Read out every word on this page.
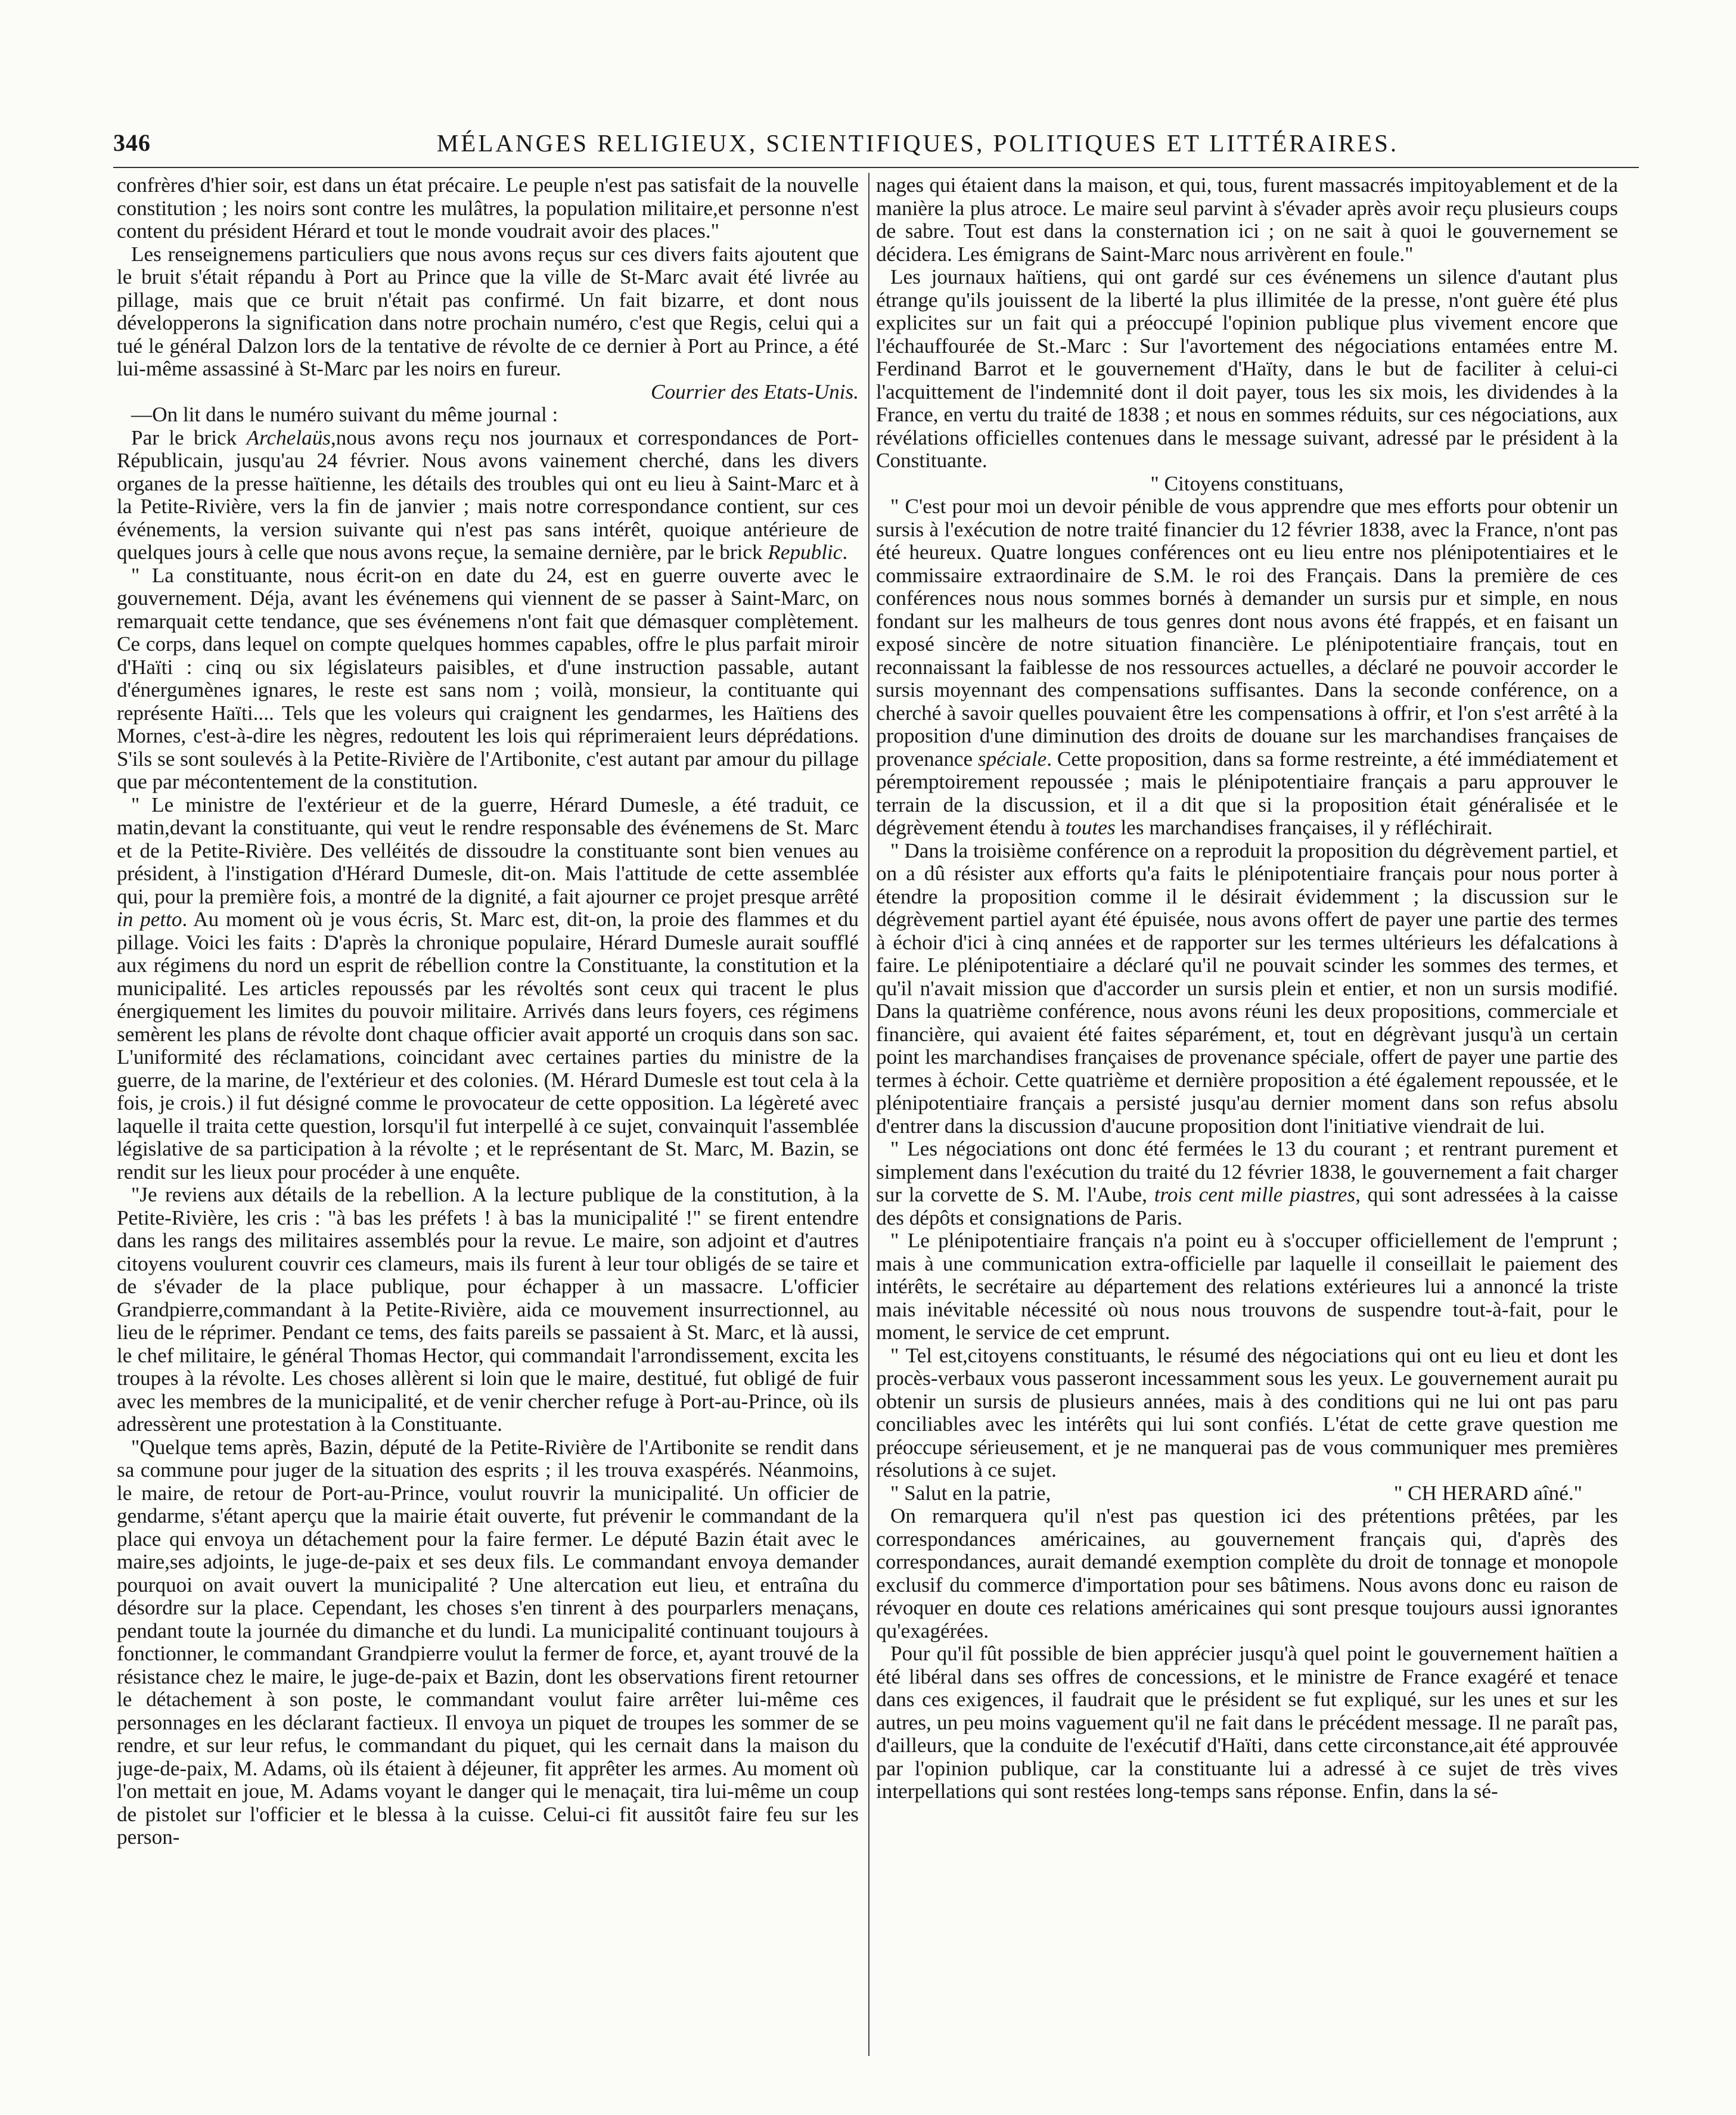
346	MÉLANGES RELIGIEUX, SCIENTIFIQUES, POLITIQUES ET LITTÉRAIRES.

confrères d'hier soir, est dans un état précaire. Le peuple n'est pas satisfait de la nouvelle constitution ; les noirs sont contre les mulâtres, la population militaire,et personne n'est content du président Hérard et tout le monde voudrait avoir des places."

Les renseignemens particuliers que nous avons reçus sur ces divers faits ajoutent que le bruit s'était répandu à Port au Prince que la ville de St-Marc avait été livrée au pillage, mais que ce bruit n'était pas confirmé. Un fait bizarre, et dont nous développerons la signification dans notre prochain numéro, c'est que Regis, celui qui a tué le général Dalzon lors de la tentative de révolte de ce dernier à Port au Prince, a été lui-même assassiné à St-Marc par les noirs en fureur.

Courrier des Etats-Unis.

—On lit dans le numéro suivant du même journal :

Par le brick Archelaüs,nous avons reçu nos journaux et correspondances de Port-Républicain, jusqu'au 24 février. Nous avons vainement cherché, dans les divers organes de la presse haïtienne, les détails des troubles qui ont eu lieu à Saint-Marc et à la Petite-Rivière, vers la fin de janvier ; mais notre correspondance contient, sur ces événements, la version suivante qui n'est pas sans intérêt, quoique antérieure de quelques jours à celle que nous avons reçue, la semaine dernière, par le brick Republic.

" La constituante, nous écrit-on en date du 24, est en guerre ouverte avec le gouvernement. Déja, avant les événemens qui viennent de se passer à Saint-Marc, on remarquait cette tendance, que ses événemens n'ont fait que démasquer complètement. Ce corps, dans lequel on compte quelques hommes capables, offre le plus parfait miroir d'Haïti : cinq ou six législateurs paisibles, et d'une instruction passable, autant d'énergumènes ignares, le reste est sans nom ; voilà, monsieur, la contituante qui représente Haïti.... Tels que les voleurs qui craignent les gendarmes, les Haïtiens des Mornes, c'est-à-dire les nègres, redoutent les lois qui réprimeraient leurs déprédations. S'ils se sont soulevés à la Petite-Rivière de l'Artibonite, c'est autant par amour du pillage que par mécontentement de la constitution.

" Le ministre de l'extérieur et de la guerre, Hérard Dumesle, a été traduit, ce matin,devant la constituante, qui veut le rendre responsable des événemens de St. Marc et de la Petite-Rivière. Des velléités de dissoudre la constituante sont bien venues au président, à l'instigation d'Hérard Dumesle, dit-on. Mais l'attitude de cette assemblée qui, pour la première fois, a montré de la dignité, a fait ajourner ce projet presque arrêté in petto. Au moment où je vous écris, St. Marc est, dit-on, la proie des flammes et du pillage. Voici les faits : D'après la chronique populaire, Hérard Dumesle aurait soufflé aux régimens du nord un esprit de rébellion contre la Constituante, la constitution et la municipalité. Les articles repoussés par les révoltés sont ceux qui tracent le plus énergiquement les limites du pouvoir militaire. Arrivés dans leurs foyers, ces régimens semèrent les plans de révolte dont chaque officier avait apporté un croquis dans son sac. L'uniformité des réclamations, coincidant avec certaines parties du ministre de la guerre, de la marine, de l'extérieur et des colonies. (M. Hérard Dumesle est tout cela à la fois, je crois.) il fut désigné comme le provocateur de cette opposition. La légèreté avec laquelle il traita cette question, lorsqu'il fut interpellé à ce sujet, convainquit l'assemblée législative de sa participation à la révolte ; et le représentant de St. Marc, M. Bazin, se rendit sur les lieux pour procéder à une enquête.

"Je reviens aux détails de la rebellion. A la lecture publique de la constitution, à la Petite-Rivière, les cris : "à bas les préfets ! à bas la municipalité !" se firent entendre dans les rangs des militaires assemblés pour la revue. Le maire, son adjoint et d'autres citoyens voulurent couvrir ces clameurs, mais ils furent à leur tour obligés de se taire et de s'évader de la place publique, pour échapper à un massacre. L'officier Grandpierre,commandant à la Petite-Rivière, aida ce mouvement insurrectionnel, au lieu de le réprimer. Pendant ce tems, des faits pareils se passaient à St. Marc, et là aussi, le chef militaire, le général Thomas Hector, qui commandait l'arrondissement, excita les troupes à la révolte. Les choses allèrent si loin que le maire, destitué, fut obligé de fuir avec les membres de la municipalité, et de venir chercher refuge à Port-au-Prince, où ils adressèrent une protestation à la Constituante.

"Quelque tems après, Bazin, député de la Petite-Rivière de l'Artibonite se rendit dans sa commune pour juger de la situation des esprits ; il les trouva exaspérés. Néanmoins, le maire, de retour de Port-au-Prince, voulut rouvrir la municipalité. Un officier de gendarme, s'étant aperçu que la mairie était ouverte, fut prévenir le commandant de la place qui envoya un détachement pour la faire fermer. Le député Bazin était avec le maire,ses adjoints, le juge-de-paix et ses deux fils. Le commandant envoya demander pourquoi on avait ouvert la municipalité ? Une altercation eut lieu, et entraîna du désordre sur la place. Cependant, les choses s'en tinrent à des pourparlers menaçans, pendant toute la journée du dimanche et du lundi. La municipalité continuant toujours à fonctionner, le commandant Grandpierre voulut la fermer de force, et, ayant trouvé de la résistance chez le maire, le juge-de-paix et Bazin, dont les observations firent retourner le détachement à son poste, le commandant voulut faire arrêter lui-même ces personnages en les déclarant factieux. Il envoya un piquet de troupes les sommer de se rendre, et sur leur refus, le commandant du piquet, qui les cernait dans la maison du juge-de-paix, M. Adams, où ils étaient à déjeuner, fit apprêter les armes. Au moment où l'on mettait en joue, M. Adams voyant le danger qui le menaçait, tira lui-même un coup de pistolet sur l'officier et le blessa à la cuisse. Celui-ci fit aussitôt faire feu sur les person-

nages qui étaient dans la maison, et qui, tous, furent massacrés impitoyablement et de la manière la plus atroce. Le maire seul parvint à s'évader après avoir reçu plusieurs coups de sabre. Tout est dans la consternation ici ; on ne sait à quoi le gouvernement se décidera. Les émigrans de Saint-Marc nous arrivèrent en foule."

Les journaux haïtiens, qui ont gardé sur ces événemens un silence d'autant plus étrange qu'ils jouissent de la liberté la plus illimitée de la presse, n'ont guère été plus explicites sur un fait qui a préoccupé l'opinion publique plus vivement encore que l'échauffourée de St.-Marc : Sur l'avortement des négociations entamées entre M. Ferdinand Barrot et le gouvernement d'Haïty, dans le but de faciliter à celui-ci l'acquittement de l'indemnité dont il doit payer, tous les six mois, les dividendes à la France, en vertu du traité de 1838 ; et nous en sommes réduits, sur ces négociations, aux révélations officielles contenues dans le message suivant, adressé par le président à la Constituante.

" Citoyens constituans,

" C'est pour moi un devoir pénible de vous apprendre que mes efforts pour obtenir un sursis à l'exécution de notre traité financier du 12 février 1838, avec la France, n'ont pas été heureux. Quatre longues conférences ont eu lieu entre nos plénipotentiaires et le commissaire extraordinaire de S.M. le roi des Français. Dans la première de ces conférences nous nous sommes bornés à demander un sursis pur et simple, en nous fondant sur les malheurs de tous genres dont nous avons été frappés, et en faisant un exposé sincère de notre situation financière. Le plénipotentiaire français, tout en reconnaissant la faiblesse de nos ressources actuelles, a déclaré ne pouvoir accorder le sursis moyennant des compensations suffisantes. Dans la seconde conférence, on a cherché à savoir quelles pouvaient être les compensations à offrir, et l'on s'est arrêté à la proposition d'une diminution des droits de douane sur les marchandises françaises de provenance spéciale. Cette proposition, dans sa forme restreinte, a été immédiatement et péremptoirement repoussée ; mais le plénipotentiaire français a paru approuver le terrain de la discussion, et il a dit que si la proposition était généralisée et le dégrèvement étendu à toutes les marchandises françaises, il y réfléchirait.

" Dans la troisième conférence on a reproduit la proposition du dégrèvement partiel, et on a dû résister aux efforts qu'a faits le plénipotentiaire français pour nous porter à étendre la proposition comme il le désirait évidemment ; la discussion sur le dégrèvement partiel ayant été épuisée, nous avons offert de payer une partie des termes à échoir d'ici à cinq années et de rapporter sur les termes ultérieurs les défalcations à faire. Le plénipotentiaire a déclaré qu'il ne pouvait scinder les sommes des termes, et qu'il n'avait mission que d'accorder un sursis plein et entier, et non un sursis modifié. Dans la quatrième conférence, nous avons réuni les deux propositions, commerciale et financière, qui avaient été faites séparément, et, tout en dégrèvant jusqu'à un certain point les marchandises françaises de provenance spéciale, offert de payer une partie des termes à échoir. Cette quatrième et dernière proposition a été également repoussée, et le plénipotentiaire français a persisté jusqu'au dernier moment dans son refus absolu d'entrer dans la discussion d'aucune proposition dont l'initiative viendrait de lui.

" Les négociations ont donc été fermées le 13 du courant ; et rentrant purement et simplement dans l'exécution du traité du 12 février 1838, le gouvernement a fait charger sur la corvette de S. M. l'Aube, trois cent mille piastres, qui sont adressées à la caisse des dépôts et consignations de Paris.

" Le plénipotentiaire français n'a point eu à s'occuper officiellement de l'emprunt ; mais à une communication extra-officielle par laquelle il conseillait le paiement des intérêts, le secrétaire au département des relations extérieures lui a annoncé la triste mais inévitable nécessité où nous nous trouvons de suspendre tout-à-fait, pour le moment, le service de cet emprunt.

" Tel est,citoyens constituants, le résumé des négociations qui ont eu lieu et dont les procès-verbaux vous passeront incessamment sous les yeux. Le gouvernement aurait pu obtenir un sursis de plusieurs années, mais à des conditions qui ne lui ont pas paru conciliables avec les intérêts qui lui sont confiés. L'état de cette grave question me préoccupe sérieusement, et je ne manquerai pas de vous communiquer mes premières résolutions à ce sujet.

" Salut en la patrie,	" CH HERARD aîné."

On remarquera qu'il n'est pas question ici des prétentions prêtées, par les correspondances américaines, au gouvernement français qui, d'après des correspondances, aurait demandé exemption complète du droit de tonnage et monopole exclusif du commerce d'importation pour ses bâtimens. Nous avons donc eu raison de révoquer en doute ces relations américaines qui sont presque toujours aussi ignorantes qu'exagérées.

Pour qu'il fût possible de bien apprécier jusqu'à quel point le gouvernement haïtien a été libéral dans ses offres de concessions, et le ministre de France exagéré et tenace dans ces exigences, il faudrait que le président se fut expliqué, sur les unes et sur les autres, un peu moins vaguement qu'il ne fait dans le précédent message. Il ne paraît pas, d'ailleurs, que la conduite de l'exécutif d'Haïti, dans cette circonstance,ait été approuvée par l'opinion publique, car la constituante lui a adressé à ce sujet de très vives interpellations qui sont restées long-temps sans réponse. Enfin, dans la sé-
